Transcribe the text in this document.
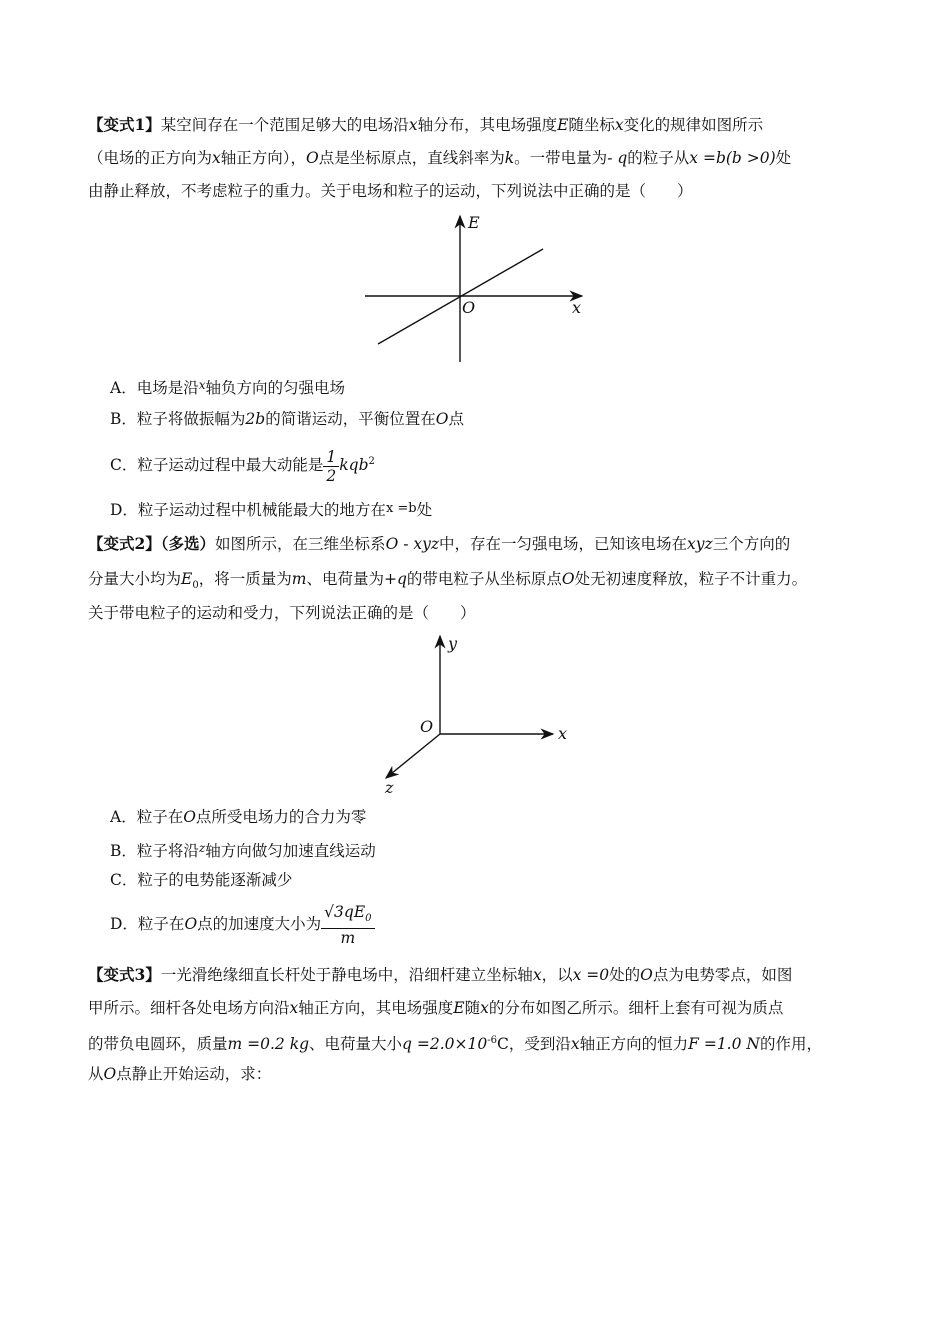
【变式1】某空间存在一个范围足够大的电场沿x轴分布，其电场强度E随坐标x变化的规律如图所示
（电场的正方向为x轴正方向），O点是坐标原点，直线斜率为k。一带电量为- q的粒子从x =b(b >0)处
由静止释放，不考虑粒子的重力。关于电场和粒子的运动，下列说法中正确的是（　　）
E
x
O
A．电场是沿$^x$轴负方向的匀强电场
B．粒子将做振幅为2b的简谐运动，平衡位置在O点
C．粒子运动过程中最大动能是 $\frac{1}{2} kqb^2$
D．粒子运动过程中机械能最大的地方在x =b处
【变式2】（多选）如图所示，在三维坐标系O - xyz中，存在一匀强电场，已知该电场在xyz三个方向的
分量大小均为$E_0$，将一质量为m、电荷量为+q的带电粒子从坐标原点O处无初速度释放，粒子不计重力。
关于带电粒子的运动和受力，下列说法正确的是（　　）
y
x
z
O
A．粒子在O点所受电场力的合力为零
B．粒子将沿$^z$轴方向做匀加速直线运动
C．粒子的电势能逐渐减少
D．粒子在O点的加速度大小为 $\frac{√3qE_0}{m}$
【变式3】一光滑绝缘细直长杆处于静电场中，沿细杆建立坐标轴x，以x =0处的O点为电势零点，如图
甲所示。细杆各处电场方向沿x轴正方向，其电场强度E随x的分布如图乙所示。细杆上套有可视为质点
的带负电圆环，质量m =0.2 kg、电荷量大小$q =2.0\times 10^{-6}C$，受到沿x轴正方向的恒力F =1.0 N的作用，
从O点静止开始运动，求：
